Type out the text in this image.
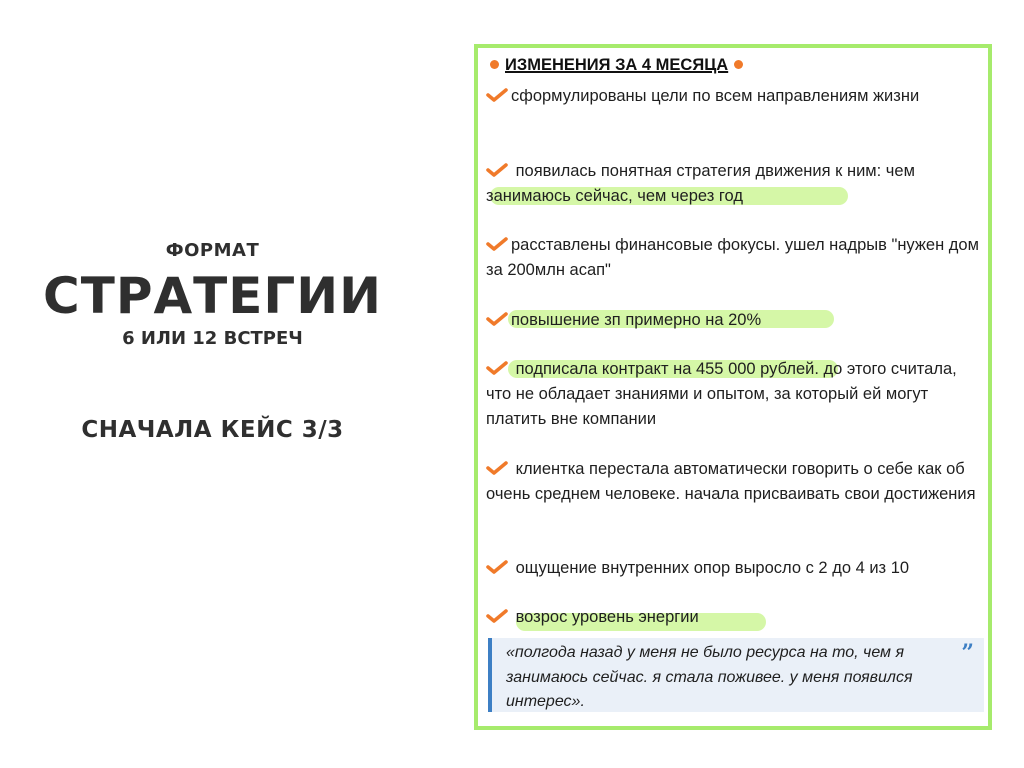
ФОРМАТ
СТРАТЕГИИ
6 ИЛИ 12 ВСТРЕЧ
СНАЧАЛА КЕЙС 3/3
ИЗМЕНЕНИЯ ЗА 4 МЕСЯЦА
сформулированы цели по всем направлениям жизни
появилась понятная стратегия движения к ним: чем занимаюсь сейчас, чем через год
расставлены финансовые фокусы. ушел надрыв "нужен дом за 200млн асап"
повышение зп примерно на 20%
подписала контракт на 455 000 рублей. до этого считала, что не обладает знаниями и опытом, за который ей могут платить вне компании
клиентка перестала автоматически говорить о себе как об очень среднем человеке. начала присваивать свои достижения
ощущение внутренних опор выросло с 2 до 4 из 10
возрос уровень энергии
«полгода назад у меня не было ресурса на то, чем я занимаюсь сейчас. я стала поживее. у меня появился интерес».
”
